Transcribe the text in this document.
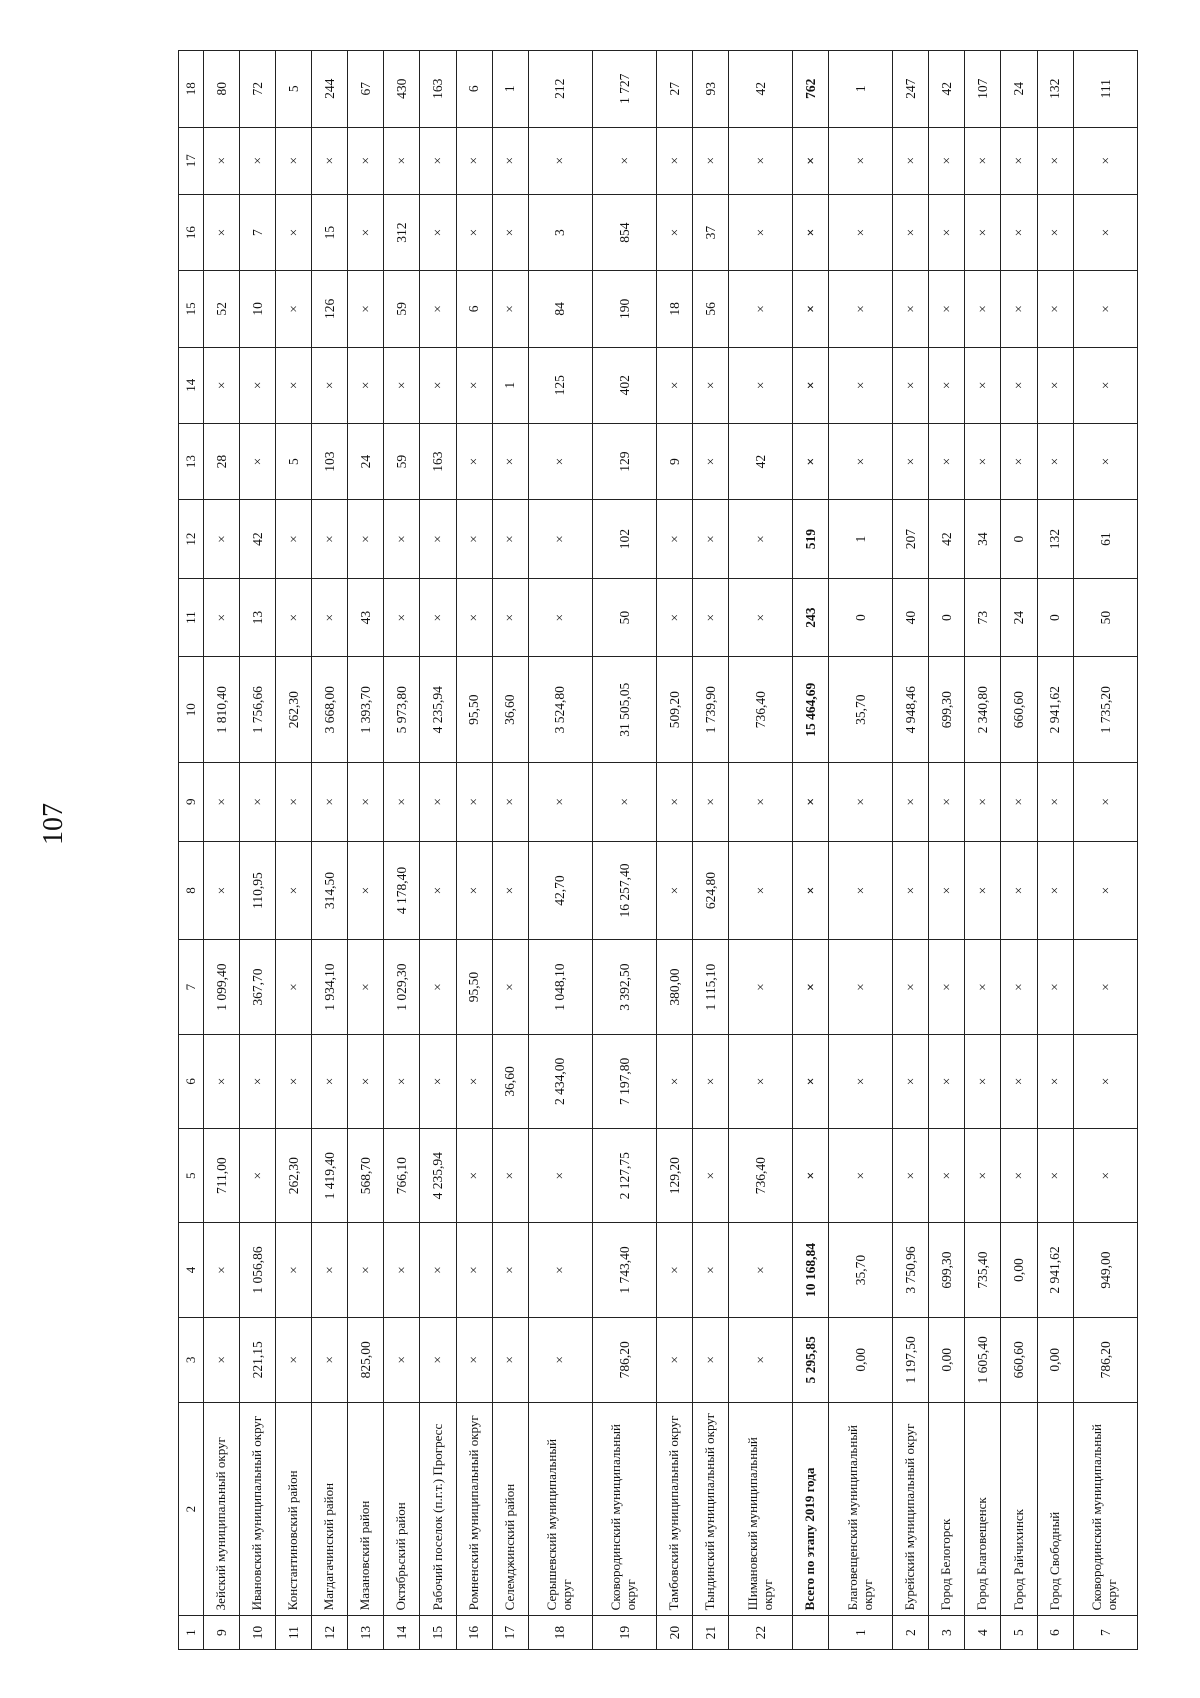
107
1	2	3	4	5	6	7	8	9	10	11	12	13	14	15	16	17	18
9	Зейский муниципальный округ	×	×	711,00	×	1 099,40	×	×	1 810,40	×	×	28	×	52	×	×	80
10	Ивановский муниципальный округ	221,15	1 056,86	×	×	367,70	110,95	×	1 756,66	13	42	×	×	10	7	×	72
11	Константиновский район	×	×	262,30	×	×	×	×	262,30	×	×	5	×	×	×	×	5
12	Магдагачинский район	×	×	1 419,40	×	1 934,10	314,50	×	3 668,00	×	×	103	×	126	15	×	244
13	Мазановский район	825,00	×	568,70	×	×	×	×	1 393,70	43	×	24	×	×	×	×	67
14	Октябрьский район	×	×	766,10	×	1 029,30	4 178,40	×	5 973,80	×	×	59	×	59	312	×	430
15	Рабочий поселок (п.г.т.) Прогресс	×	×	4 235,94	×	×	×	×	4 235,94	×	×	163	×	×	×	×	163
16	Ромненский муниципальный округ	×	×	×	×	95,50	×	×	95,50	×	×	×	×	6	×	×	6
17	Селемджинский район	×	×	×	36,60	×	×	×	36,60	×	×	×	1	×	×	×	1
18	Серышевский муниципальный округ	×	×	×	2 434,00	1 048,10	42,70	×	3 524,80	×	×	×	125	84	3	×	212
19	Сковородинский муниципальный округ	786,20	1 743,40	2 127,75	7 197,80	3 392,50	16 257,40	×	31 505,05	50	102	129	402	190	854	×	1 727
20	Тамбовский муниципальный округ	×	×	129,20	×	380,00	×	×	509,20	×	×	9	×	18	×	×	27
21	Тындинский муниципальный округ	×	×	×	×	1 115,10	624,80	×	1 739,90	×	×	×	×	56	37	×	93
22	Шимановский муниципальный округ	×	×	736,40	×	×	×	×	736,40	×	×	42	×	×	×	×	42
	Всего по этапу 2019 года	5 295,85	10 168,84	×	×	×	×	×	15 464,69	243	519	×	×	×	×	×	762
1	Благовещенский муниципальный округ	0,00	35,70	×	×	×	×	×	35,70	0	1	×	×	×	×	×	1
2	Бурейский муниципальный округ	1 197,50	3 750,96	×	×	×	×	×	4 948,46	40	207	×	×	×	×	×	247
3	Город Белогорск	0,00	699,30	×	×	×	×	×	699,30	0	42	×	×	×	×	×	42
4	Город Благовещенск	1 605,40	735,40	×	×	×	×	×	2 340,80	73	34	×	×	×	×	×	107
5	Город Райчихинск	660,60	0,00	×	×	×	×	×	660,60	24	0	×	×	×	×	×	24
6	Город Свободный	0,00	2 941,62	×	×	×	×	×	2 941,62	0	132	×	×	×	×	×	132
7	Сковородинский муниципальный округ	786,20	949,00	×	×	×	×	×	1 735,20	50	61	×	×	×	×	×	111
